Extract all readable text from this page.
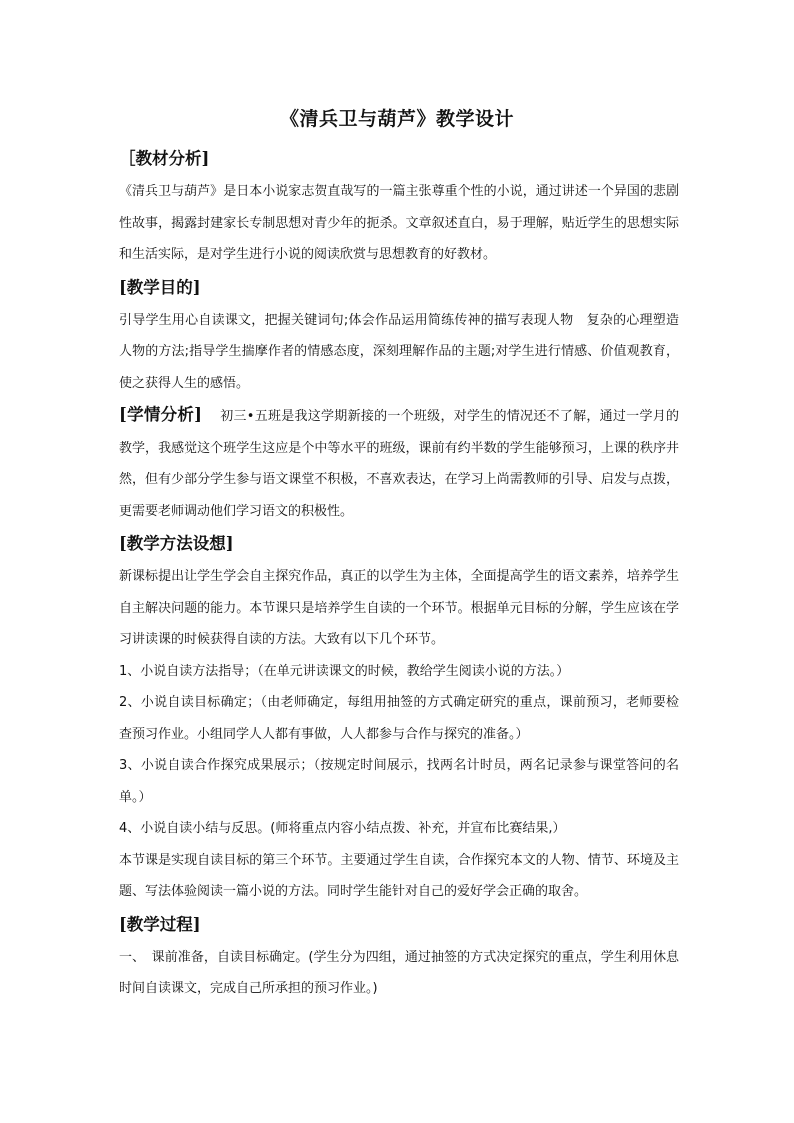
《清兵卫与葫芦》教学设计
［教材分析]

《清兵卫与葫芦》是日本小说家志贺直哉写的一篇主张尊重个性的小说，通过讲述一个异国的悲剧性故事，揭露封建家长专制思想对青少年的扼杀。文章叙述直白，易于理解，贴近学生的思想实际和生活实际，是对学生进行小说的阅读欣赏与思想教育的好教材。

[教学目的]

引导学生用心自读课文，把握关键词句;体会作品运用简练传神的描写表现人物　复杂的心理塑造人物的方法;指导学生揣摩作者的情感态度，深刻理解作品的主题;对学生进行情感、价值观教育，使之获得人生的感悟。

[学情分析] 初三•五班是我这学期新接的一个班级，对学生的情况还不了解，通过一学月的教学，我感觉这个班学生这应是个中等水平的班级，课前有约半数的学生能够预习，上课的秩序井然，但有少部分学生参与语文课堂不积极，不喜欢表达，在学习上尚需教师的引导、启发与点拨，更需要老师调动他们学习语文的积极性。

[教学方法设想]

新课标提出让学生学会自主探究作品，真正的以学生为主体，全面提高学生的语文素养，培养学生自主解决问题的能力。本节课只是培养学生自读的一个环节。根据单元目标的分解，学生应该在学习讲读课的时候获得自读的方法。大致有以下几个环节。

1、小说自读方法指导；（在单元讲读课文的时候，教给学生阅读小说的方法。）

2、小说自读目标确定；（由老师确定，每组用抽签的方式确定研究的重点，课前预习，老师要检查预习作业。小组同学人人都有事做，人人都参与合作与探究的准备。）

3、小说自读合作探究成果展示；（按规定时间展示，找两名计时员，两名记录参与课堂答问的名单。）

4、小说自读小结与反思。(师将重点内容小结点拨、补充，并宣布比赛结果,）

本节课是实现自读目标的第三个环节。主要通过学生自读，合作探究本文的人物、情节、环境及主题、写法体验阅读一篇小说的方法。同时学生能针对自己的爱好学会正确的取舍。

[教学过程]

一、　课前准备，自读目标确定。(学生分为四组，通过抽签的方式决定探究的重点，学生利用休息时间自读课文，完成自己所承担的预习作业。)
